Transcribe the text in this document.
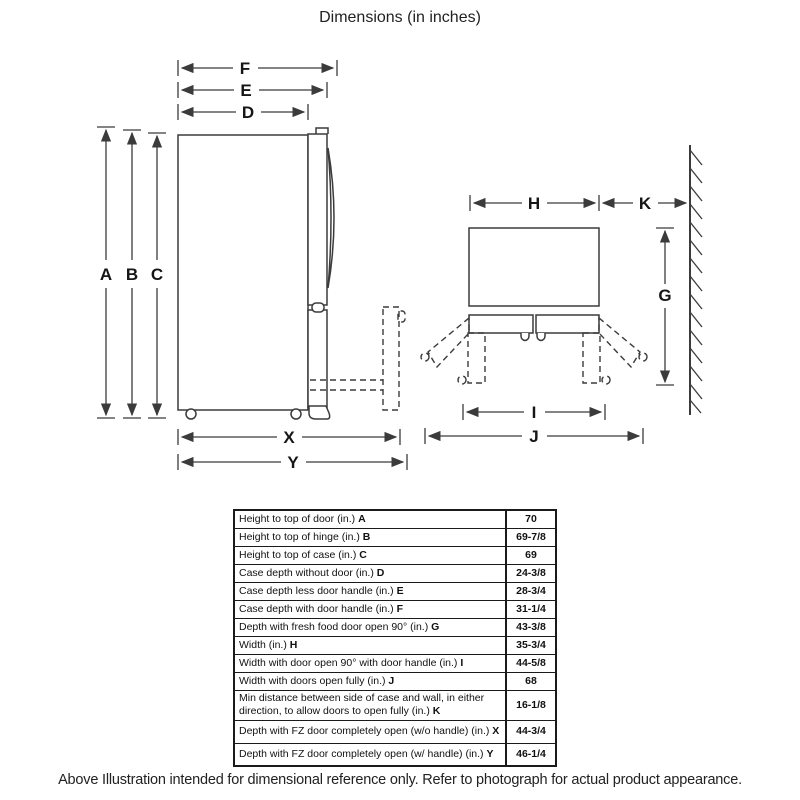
Dimensions (in inches)
F
E
D
A B C
X
Y
H	K
G
I
J
Height to top of door (in.) A	70
Height to top of hinge (in.) B	69-7/8
Height to top of case (in.) C	69
Case depth without door (in.) D	24-3/8
Case depth less door handle (in.) E	28-3/4
Case depth with door handle (in.) F	31-1/4
Depth with fresh food door open 90° (in.) G	43-3/8
Width (in.) H	35-3/4
Width with door open 90° with door handle (in.) I	44-5/8
Width with doors open fully (in.) J	68
Min distance between side of case and wall, in either direction, to allow doors to open fully (in.) K	16-1/8
Depth with FZ door completely open (w/o handle) (in.) X	44-3/4
Depth with FZ door completely open (w/ handle) (in.) Y	46-1/4
Above Illustration intended for dimensional reference only. Refer to photograph for actual product appearance.
